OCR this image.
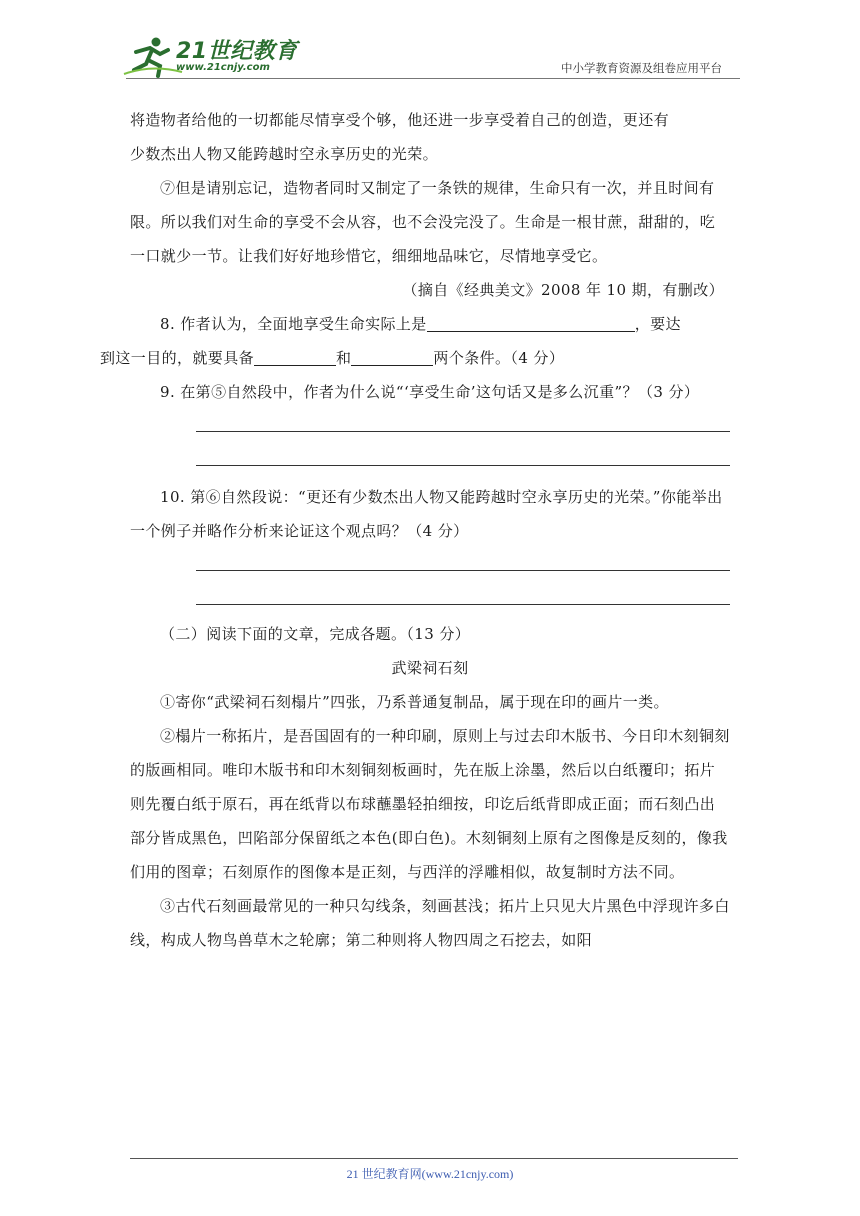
21世纪教育
www.21cnjy.com	中小学教育资源及组卷应用平台

将造物者给他的一切都能尽情享受个够，他还进一步享受着自己的创造，更还有

少数杰出人物又能跨越时空永享历史的光荣。

⑦但是请别忘记，造物者同时又制定了一条铁的规律，生命只有一次，并且时间有限。所以我们对生命的享受不会从容，也不会没完没了。生命是一根甘蔗，甜甜的，吃一口就少一节。让我们好好地珍惜它，细细地品味它，尽情地享受它。

（摘自《经典美文》2008 年 10 期，有删改）

8. 作者认为，全面地享受生命实际上是	，要达
到这一目的，就要具备	和	两个条件。（4 分）

9. 在第⑤自然段中，作者为什么说“‘享受生命’这句话又是多么沉重”？（3 分）

10. 第⑥自然段说：“更还有少数杰出人物又能跨越时空永享历史的光荣。”你能举出一个例子并略作分析来论证这个观点吗？（4 分）

（二）阅读下面的文章，完成各题。（13 分）

武梁祠石刻

①寄你“武梁祠石刻榻片”四张，乃系普通复制品，属于现在印的画片一类。

②榻片一称拓片，是吾国固有的一种印刷，原则上与过去印木版书、今日印木刻铜刻的版画相同。唯印木版书和印木刻铜刻板画时，先在版上涂墨，然后以白纸覆印；拓片则先覆白纸于原石，再在纸背以布球蘸墨轻拍细按，印讫后纸背即成正面；而石刻凸出部分皆成黑色，凹陷部分保留纸之本色(即白色)。木刻铜刻上原有之图像是反刻的，像我们用的图章；石刻原作的图像本是正刻，与西洋的浮雕相似，故复制时方法不同。

③古代石刻画最常见的一种只勾线条，刻画甚浅；拓片上只见大片黑色中浮现许多白线，构成人物鸟兽草木之轮廓；第二种则将人物四周之石挖去，如阳

21 世纪教育网(www.21cnjy.com)
